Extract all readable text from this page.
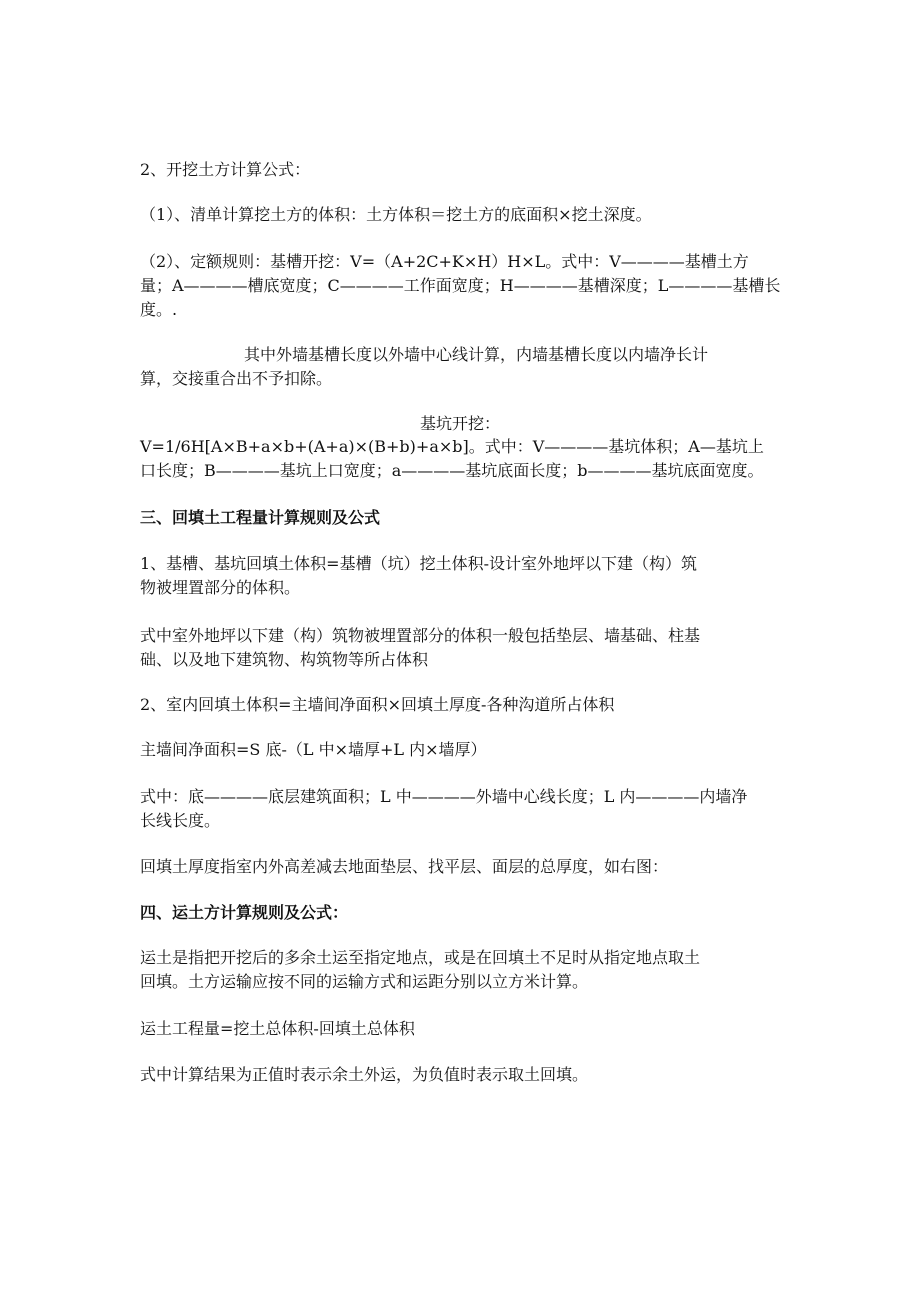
2、开挖土方计算公式：
（1）、清单计算挖土方的体积：土方体积＝挖土方的底面积×挖土深度。
（2）、定额规则：基槽开挖：V=（A+2C+K×H）H×L。式中：V————基槽土方
量；A————槽底宽度；C————工作面宽度；H————基槽深度；L————基槽长
度。.
其中外墙基槽长度以外墙中心线计算，内墙基槽长度以内墙净长计
算，交接重合出不予扣除。
基坑开挖：
V=1/6H[A×B+a×b+(A+a)×(B+b)+a×b]。式中：V————基坑体积；A—基坑上
口长度；B————基坑上口宽度；a————基坑底面长度；b————基坑底面宽度。
三、回填土工程量计算规则及公式
1、基槽、基坑回填土体积=基槽（坑）挖土体积-设计室外地坪以下建（构）筑
物被埋置部分的体积。
式中室外地坪以下建（构）筑物被埋置部分的体积一般包括垫层、墙基础、柱基
础、以及地下建筑物、构筑物等所占体积
2、室内回填土体积=主墙间净面积×回填土厚度-各种沟道所占体积
主墙间净面积=S 底-（L 中×墙厚+L 内×墙厚）
式中：底————底层建筑面积；L 中————外墙中心线长度；L 内————内墙净
长线长度。
回填土厚度指室内外高差减去地面垫层、找平层、面层的总厚度，如右图：
四、运土方计算规则及公式：
运土是指把开挖后的多余土运至指定地点，或是在回填土不足时从指定地点取土
回填。土方运输应按不同的运输方式和运距分别以立方米计算。
运土工程量=挖土总体积-回填土总体积
式中计算结果为正值时表示余土外运，为负值时表示取土回填。
